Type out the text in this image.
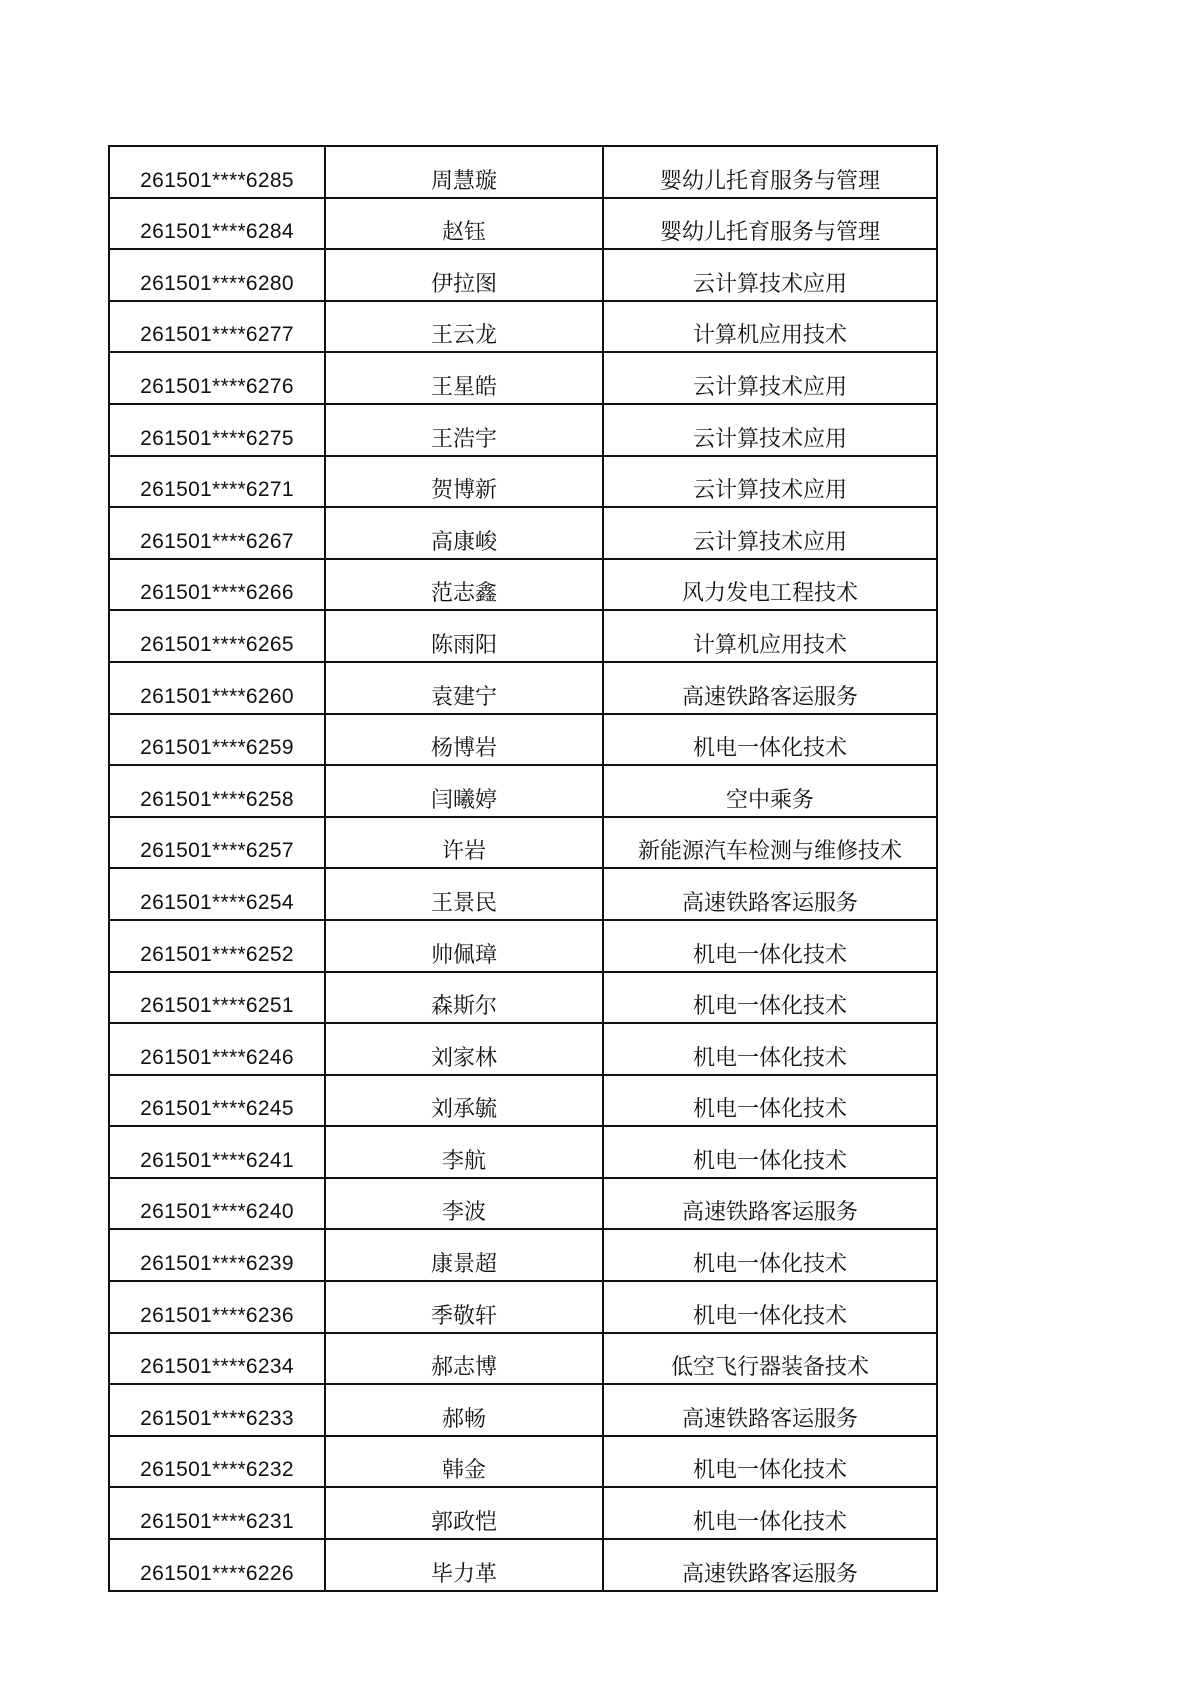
261501****6285	周慧璇	婴幼儿托育服务与管理
261501****6284	赵钰	婴幼儿托育服务与管理
261501****6280	伊拉图	云计算技术应用
261501****6277	王云龙	计算机应用技术
261501****6276	王星皓	云计算技术应用
261501****6275	王浩宇	云计算技术应用
261501****6271	贺博新	云计算技术应用
261501****6267	高康峻	云计算技术应用
261501****6266	范志鑫	风力发电工程技术
261501****6265	陈雨阳	计算机应用技术
261501****6260	袁建宁	高速铁路客运服务
261501****6259	杨博岩	机电一体化技术
261501****6258	闫曦婷	空中乘务
261501****6257	许岩	新能源汽车检测与维修技术
261501****6254	王景民	高速铁路客运服务
261501****6252	帅佩璋	机电一体化技术
261501****6251	森斯尔	机电一体化技术
261501****6246	刘家林	机电一体化技术
261501****6245	刘承毓	机电一体化技术
261501****6241	李航	机电一体化技术
261501****6240	李波	高速铁路客运服务
261501****6239	康景超	机电一体化技术
261501****6236	季敬轩	机电一体化技术
261501****6234	郝志博	低空飞行器装备技术
261501****6233	郝畅	高速铁路客运服务
261501****6232	韩金	机电一体化技术
261501****6231	郭政恺	机电一体化技术
261501****6226	毕力革	高速铁路客运服务
